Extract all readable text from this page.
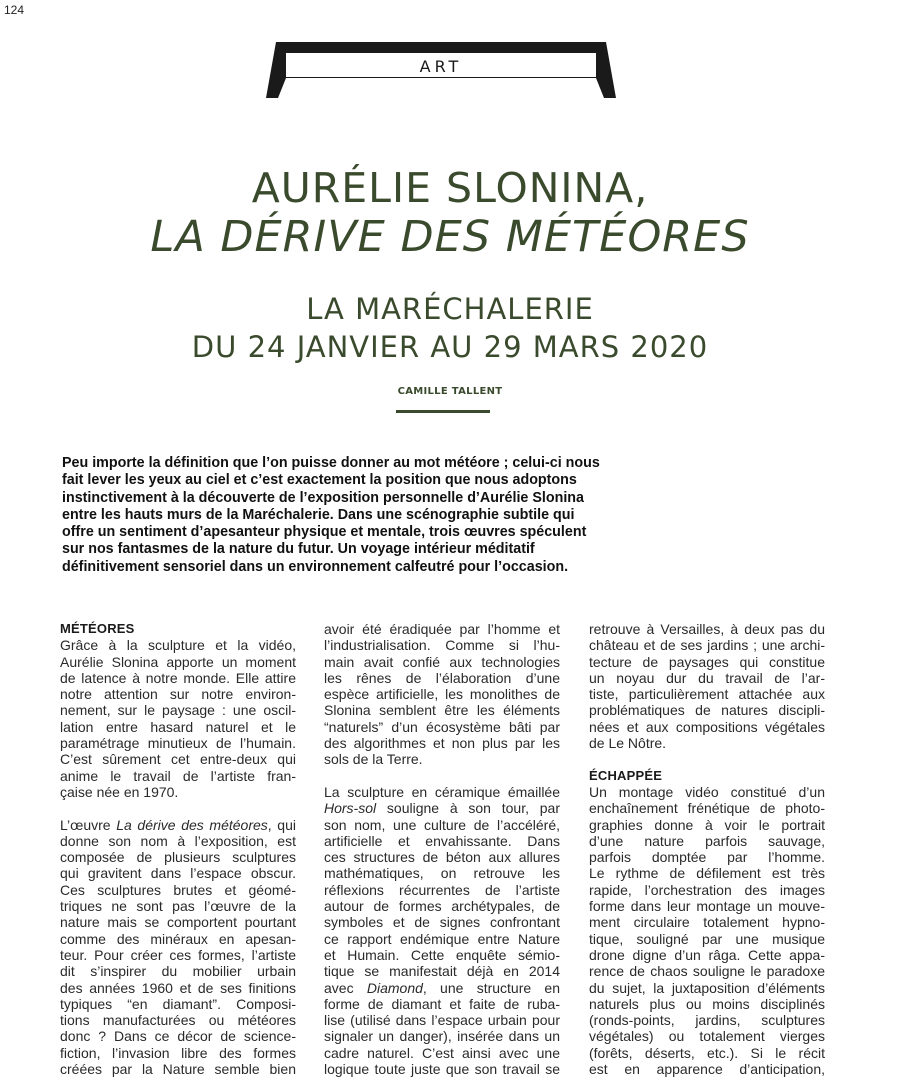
124
ART
AURÉLIE SLONINA,
LA DÉRIVE DES MÉTÉORES
LA MARÉCHALERIE
DU 24 JANVIER AU 29 MARS 2020
CAMILLE TALLENT
Peu importe la définition que l’on puisse donner au mot météore ; celui-ci nous
fait lever les yeux au ciel et c’est exactement la position que nous adoptons
instinctivement à la découverte de l’exposition personnelle d’Aurélie Slonina
entre les hauts murs de la Maréchalerie. Dans une scénographie subtile qui
offre un sentiment d’apesanteur physique et mentale, trois œuvres spéculent
sur nos fantasmes de la nature du futur. Un voyage intérieur méditatif
définitivement sensoriel dans un environnement calfeutré pour l’occasion.
MÉTÉORES
Grâce à la sculpture et la vidéo,
Aurélie Slonina apporte un moment
de latence à notre monde. Elle attire
notre attention sur notre environ-
nement, sur le paysage : une oscil-
lation entre hasard naturel et le
paramétrage minutieux de l’humain.
C’est sûrement cet entre-deux qui
anime le travail de l’artiste fran-
çaise née en 1970.
L’œuvre La dérive des météores, qui
donne son nom à l’exposition, est
composée de plusieurs sculptures
qui gravitent dans l’espace obscur.
Ces sculptures brutes et géomé-
triques ne sont pas l’œuvre de la
nature mais se comportent pourtant
comme des minéraux en apesan-
teur. Pour créer ces formes, l’artiste
dit s’inspirer du mobilier urbain
des années 1960 et de ses finitions
typiques “en diamant”. Composi-
tions manufacturées ou météores
donc ? Dans ce décor de science-
fiction, l’invasion libre des formes
créées par la Nature semble bien
avoir été éradiquée par l’homme et
l’industrialisation. Comme si l’hu-
main avait confié aux technologies
les rênes de l’élaboration d’une
espèce artificielle, les monolithes de
Slonina semblent être les éléments
“naturels” d’un écosystème bâti par
des algorithmes et non plus par les
sols de la Terre.
La sculpture en céramique émaillée
Hors-sol souligne à son tour, par
son nom, une culture de l’accéléré,
artificielle et envahissante. Dans
ces structures de béton aux allures
mathématiques, on retrouve les
réflexions récurrentes de l’artiste
autour de formes archétypales, de
symboles et de signes confrontant
ce rapport endémique entre Nature
et Humain. Cette enquête sémio-
tique se manifestait déjà en 2014
avec Diamond, une structure en
forme de diamant et faite de ruba-
lise (utilisé dans l’espace urbain pour
signaler un danger), insérée dans un
cadre naturel. C’est ainsi avec une
logique toute juste que son travail se
retrouve à Versailles, à deux pas du
château et de ses jardins ; une archi-
tecture de paysages qui constitue
un noyau dur du travail de l’ar-
tiste, particulièrement attachée aux
problématiques de natures discipli-
nées et aux compositions végétales
de Le Nôtre.
ÉCHAPPÉE
Un montage vidéo constitué d’un
enchaînement frénétique de photo-
graphies donne à voir le portrait
d’une nature parfois sauvage,
parfois domptée par l’homme.
Le rythme de défilement est très
rapide, l’orchestration des images
forme dans leur montage un mouve-
ment circulaire totalement hypno-
tique, souligné par une musique
drone digne d’un râga. Cette appa-
rence de chaos souligne le paradoxe
du sujet, la juxtaposition d’éléments
naturels plus ou moins disciplinés
(ronds-points, jardins, sculptures
végétales) ou totalement vierges
(forêts, déserts, etc.). Si le récit
est en apparence d’anticipation,
